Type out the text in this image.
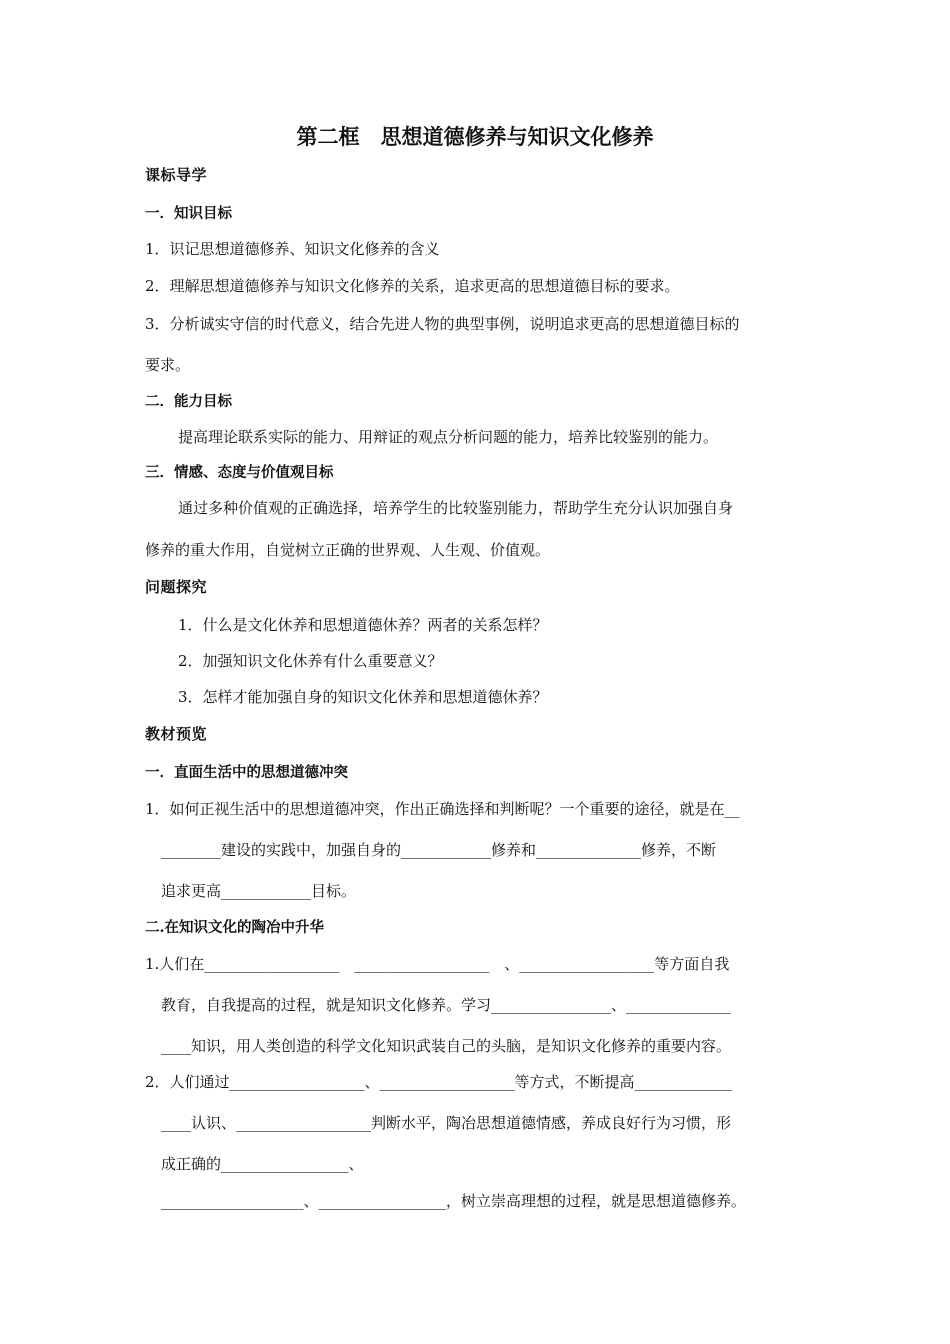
第二框　思想道德修养与知识文化修养
课标导学
一．知识目标
1．识记思想道德修养、知识文化修养的含义
2．理解思想道德修养与知识文化修养的关系，追求更高的思想道德目标的要求。
3．分析诚实守信的时代意义，结合先进人物的典型事例，说明追求更高的思想道德目标的
要求。
二．能力目标
提高理论联系实际的能力、用辩证的观点分析问题的能力，培养比较鉴别的能力。
三．情感、态度与价值观目标
通过多种价值观的正确选择，培养学生的比较鉴别能力，帮助学生充分认识加强自身
修养的重大作用，自觉树立正确的世界观、人生观、价值观。
问题探究
1．什么是文化休养和思想道德休养？两者的关系怎样？
2．加强知识文化休养有什么重要意义？
3．怎样才能加强自身的知识文化休养和思想道德休养？
教材预览
一．直面生活中的思想道德冲突
1．如何正视生活中的思想道德冲突，作出正确选择和判断呢？一个重要的途径，就是在__
________建设的实践中，加强自身的____________修养和______________修养，不断
追求更高____________目标。
二.在知识文化的陶冶中升华
1.人们在__________________　__________________　、__________________等方面自我
教育，自我提高的过程，就是知识文化修养。学习________________、______________
____知识，用人类创造的科学文化知识武装自己的头脑，是知识文化修养的重要内容。
2．人们通过__________________、__________________等方式，不断提高_____________
____认识、__________________判断水平，陶冶思想道德情感，养成良好行为习惯，形
成正确的_________________、
___________________、_________________，树立崇高理想的过程，就是思想道德修养。
